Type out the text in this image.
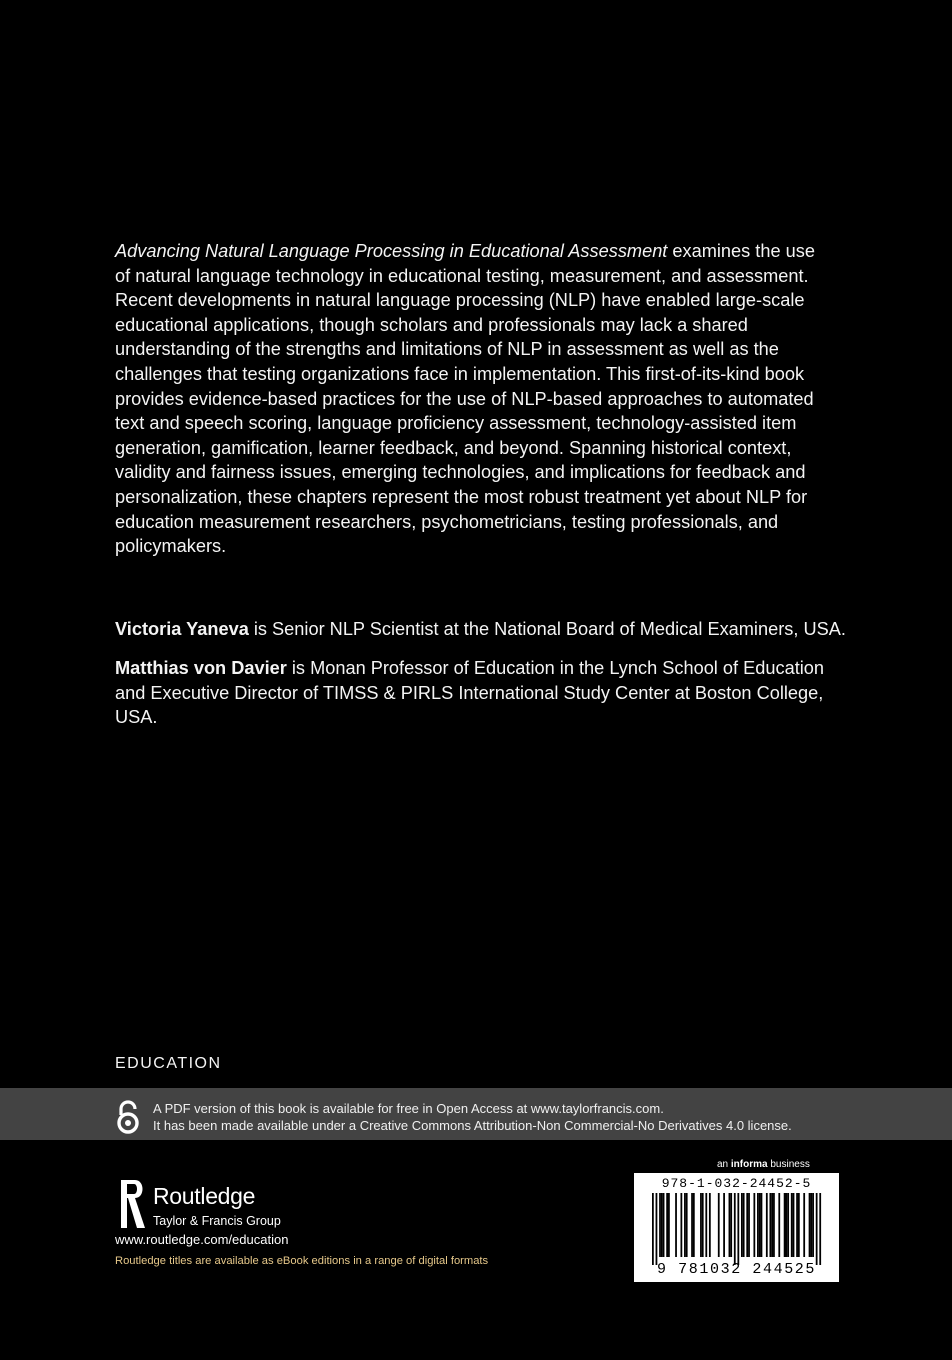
Advancing Natural Language Processing in Educational Assessment examines the use of natural language technology in educational testing, measurement, and assessment. Recent developments in natural language processing (NLP) have enabled large-scale educational applications, though scholars and professionals may lack a shared understanding of the strengths and limitations of NLP in assessment as well as the challenges that testing organizations face in implementation. This first-of-its-kind book provides evidence-based practices for the use of NLP-based approaches to automated text and speech scoring, language proficiency assessment, technology-assisted item generation, gamification, learner feedback, and beyond. Spanning historical context, validity and fairness issues, emerging technologies, and implications for feedback and personalization, these chapters represent the most robust treatment yet about NLP for education measurement researchers, psychometricians, testing professionals, and policymakers.

Victoria Yaneva is Senior NLP Scientist at the National Board of Medical Examiners, USA.

Matthias von Davier is Monan Professor of Education in the Lynch School of Education and Executive Director of TIMSS & PIRLS International Study Center at Boston College, USA.

EDUCATION
A PDF version of this book is available for free in Open Access at www.taylorfrancis.com.
It has been made available under a Creative Commons Attribution-Non Commercial-No Derivatives 4.0 license.
ROUTLEDGE Routledge
Taylor & Francis Group
www.routledge.com/education
Routledge titles are available as eBook editions in a range of digital formats
an informa business
978-1-032-24452-5
9 781032 244525
